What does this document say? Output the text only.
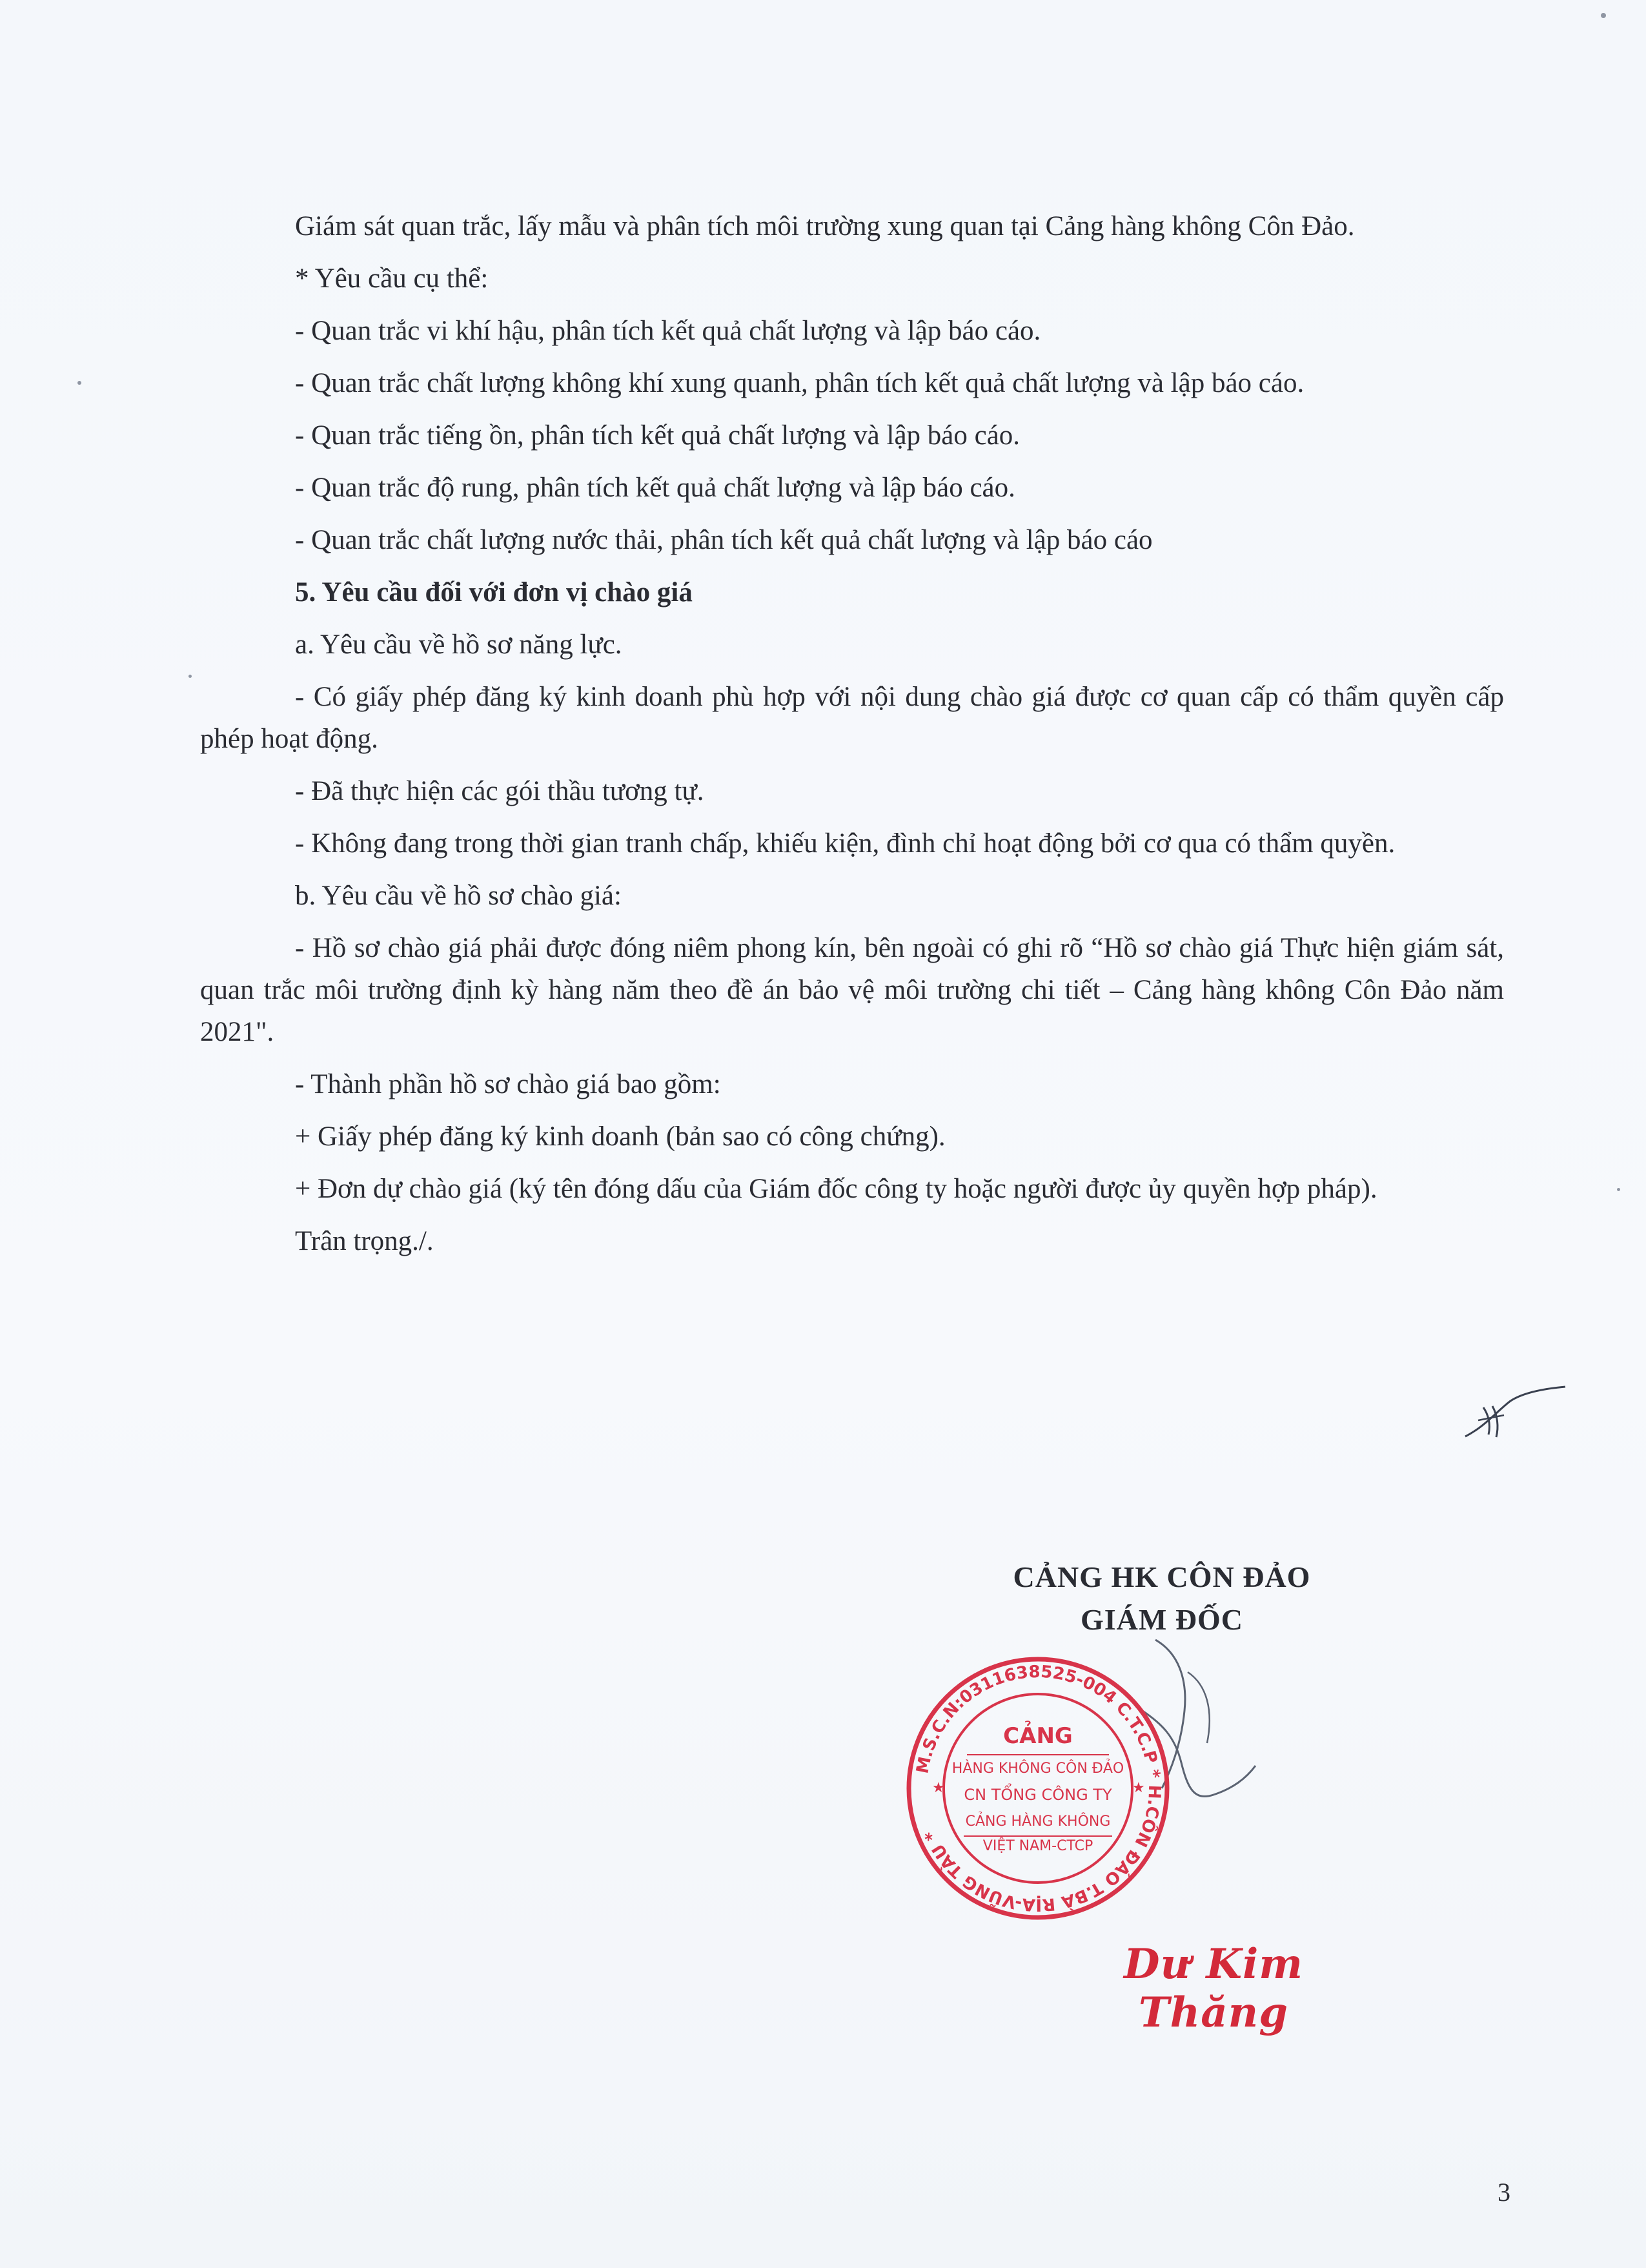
Giám sát quan trắc, lấy mẫu và phân tích môi trường xung quan tại Cảng hàng không Côn Đảo.

* Yêu cầu cụ thể:

- Quan trắc vi khí hậu, phân tích kết quả chất lượng và lập báo cáo.

- Quan trắc chất lượng không khí xung quanh, phân tích kết quả chất lượng và lập báo cáo.

- Quan trắc tiếng ồn, phân tích kết quả chất lượng và lập báo cáo.

- Quan trắc độ rung, phân tích kết quả chất lượng và lập báo cáo.

- Quan trắc chất lượng nước thải, phân tích kết quả chất lượng và lập báo cáo

5. Yêu cầu đối với đơn vị chào giá

a. Yêu cầu về hồ sơ năng lực.

- Có giấy phép đăng ký kinh doanh phù hợp với nội dung chào giá được cơ quan cấp có thẩm quyền cấp phép hoạt động.

- Đã thực hiện các gói thầu tương tự.

- Không đang trong thời gian tranh chấp, khiếu kiện, đình chỉ hoạt động bởi cơ qua có thẩm quyền.

b. Yêu cầu về hồ sơ chào giá:

- Hồ sơ chào giá phải được đóng niêm phong kín, bên ngoài có ghi rõ “Hồ sơ chào giá Thực hiện giám sát, quan trắc môi trường định kỳ hàng năm theo đề án bảo vệ môi trường chi tiết – Cảng hàng không Côn Đảo năm 2021".

- Thành phần hồ sơ chào giá bao gồm:

+ Giấy phép đăng ký kinh doanh (bản sao có công chứng).

+ Đơn dự chào giá (ký tên đóng dấu của Giám đốc công ty hoặc người được ủy quyền hợp pháp).

Trân trọng./.

CẢNG HK CÔN ĐẢO
GIÁM ĐỐC
M.S.C.N:0311638525-004 C.T.C.P * H.CÔN ĐẢO T.BÀ RỊA-VŨNG TÀU *
CẢNG
HÀNG KHÔNG CÔN ĐẢO
CN TỔNG CÔNG TY
CẢNG HÀNG KHÔNG
VIỆT NAM-CTCP
★	★
Dư Kim Thăng
3
